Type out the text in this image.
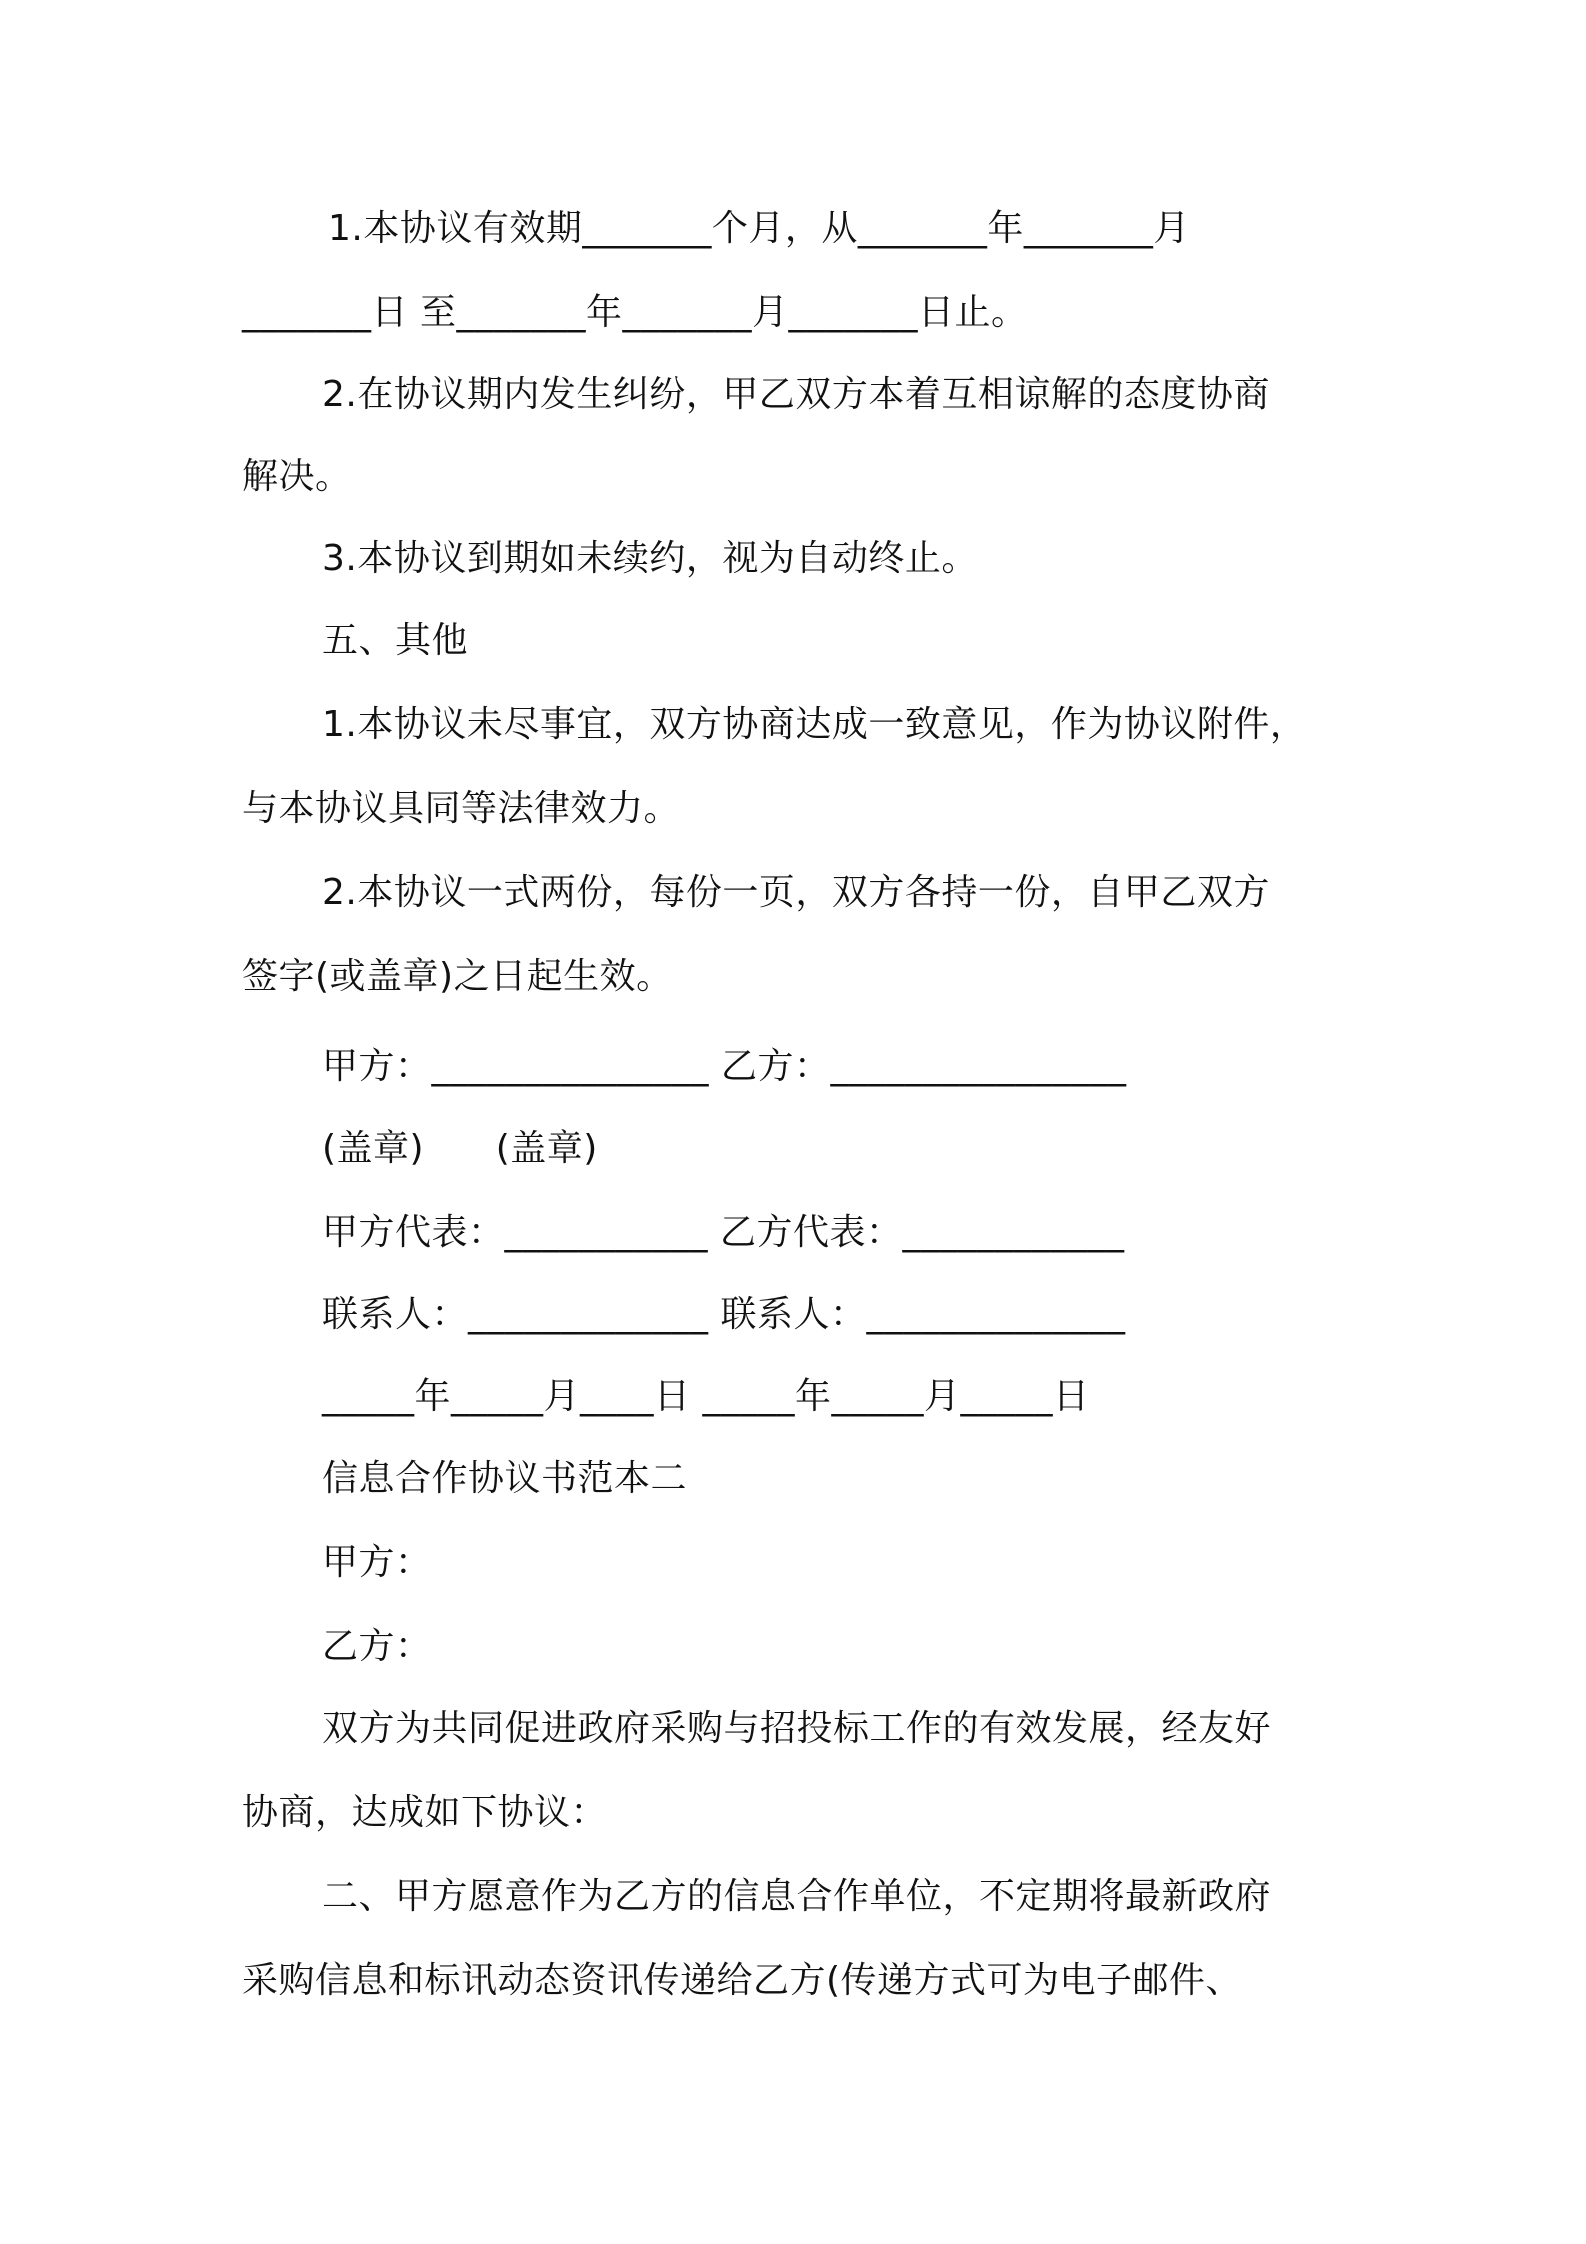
1.本协议有效期_______个月，从_______年_______月
_______日 至_______年_______月_______日止。
2.在协议期内发生纠纷，甲乙双方本着互相谅解的态度协商
解决。
3.本协议到期如未续约，视为自动终止。
五、其他
1.本协议未尽事宜，双方协商达成一致意见，作为协议附件，
与本协议具同等法律效力。
2.本协议一式两份，每份一页，双方各持一份，自甲乙双方
签字(或盖章)之日起生效。
甲方：_______________ 乙方：________________
(盖章)      (盖章)
甲方代表：___________ 乙方代表：____________
联系人：_____________ 联系人：______________
_____年_____月____日 _____年_____月_____日
信息合作协议书范本二
甲方：
乙方：
双方为共同促进政府采购与招投标工作的有效发展，经友好
协商，达成如下协议：
二、甲方愿意作为乙方的信息合作单位，不定期将最新政府
采购信息和标讯动态资讯传递给乙方(传递方式可为电子邮件、
